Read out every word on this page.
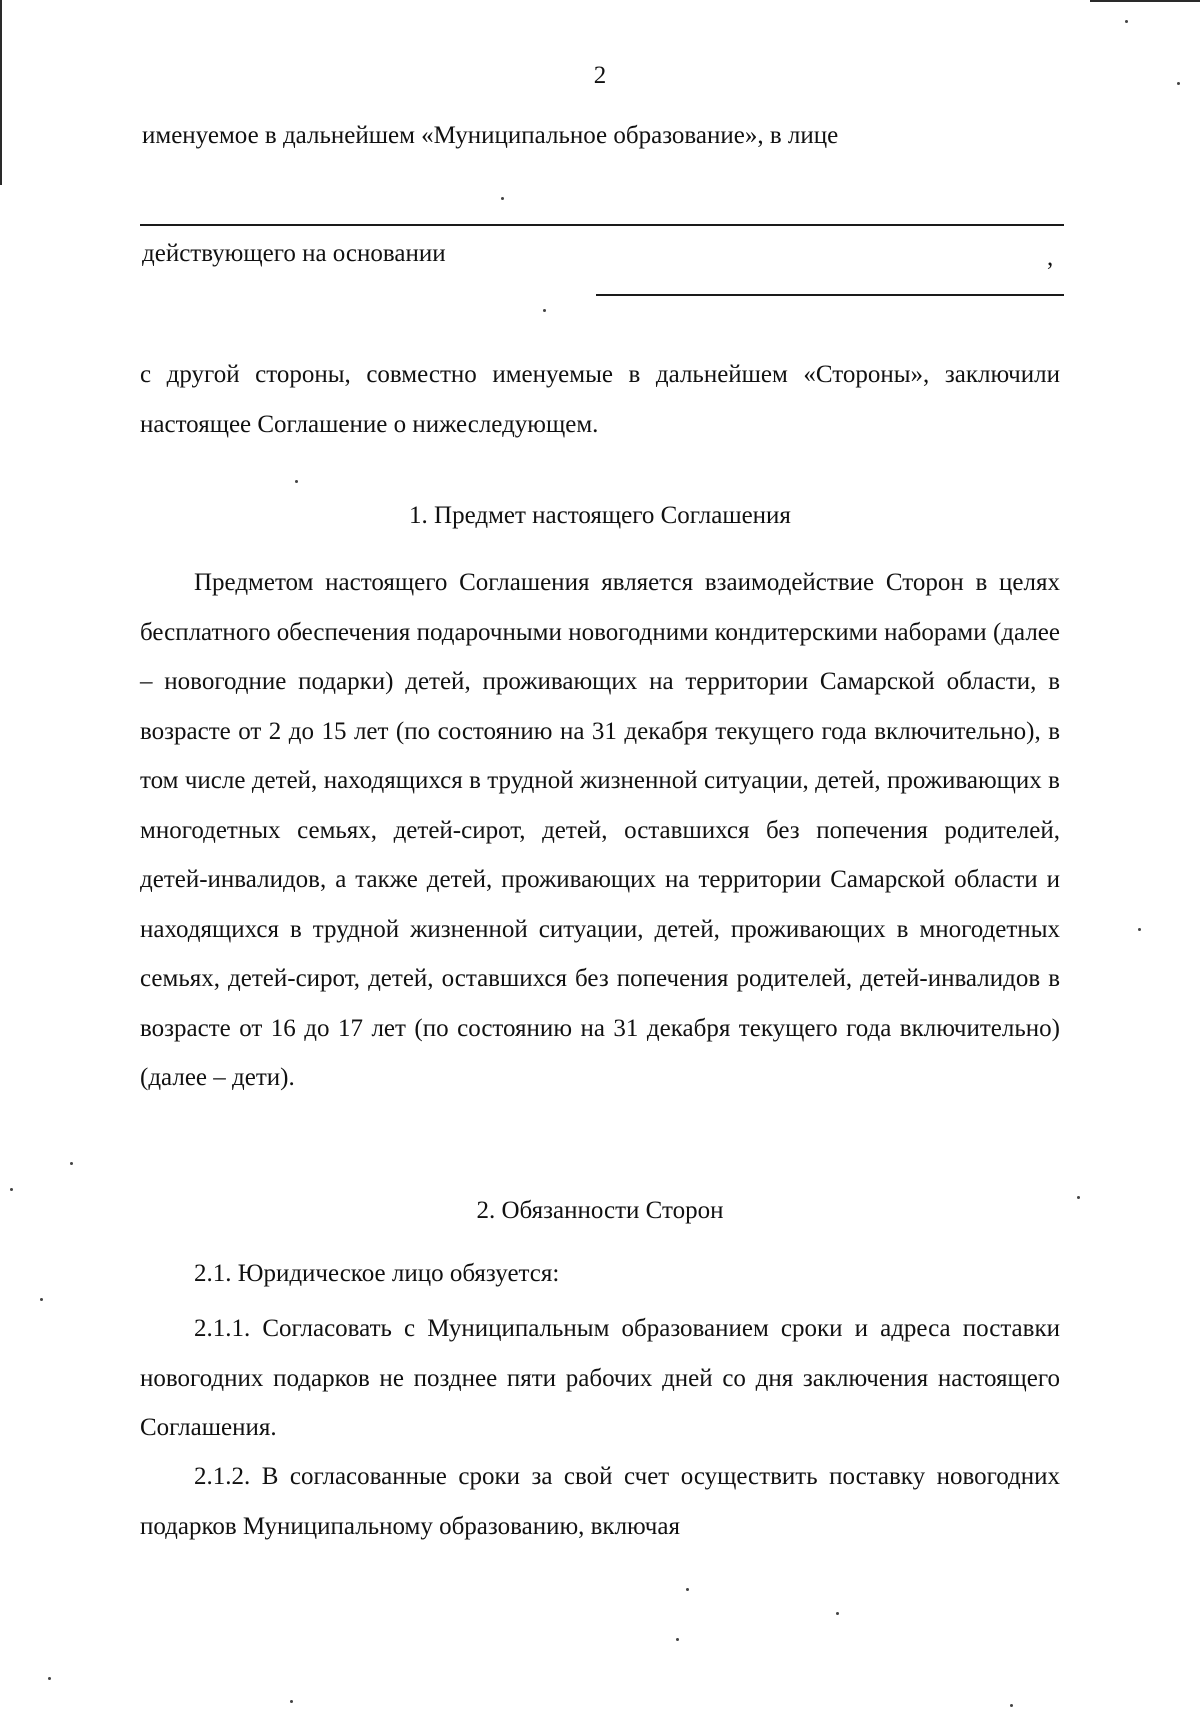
2
именуемое в дальнейшем «Муниципальное образование», в лице
действующего на основании	,
с другой стороны, совместно именуемые в дальнейшем «Стороны», заключили настоящее Соглашение о нижеследующем.
1. Предмет настоящего Соглашения
Предметом настоящего Соглашения является взаимодействие Сторон в целях бесплатного обеспечения подарочными новогодними кондитерскими наборами (далее – новогодние подарки) детей, проживающих на территории Самарской области, в возрасте от 2 до 15 лет (по состоянию на 31 декабря текущего года включительно), в том числе детей, находящихся в трудной жизненной ситуации, детей, проживающих в многодетных семьях, детей-сирот, детей, оставшихся без попечения родителей, детей-инвалидов, а также детей, проживающих на территории Самарской области и находящихся в трудной жизненной ситуации, детей, проживающих в многодетных семьях, детей-сирот, детей, оставшихся без попечения родителей, детей-инвалидов в возрасте от 16 до 17 лет (по состоянию на 31 декабря текущего года включительно) (далее – дети).
2. Обязанности Сторон
2.1. Юридическое лицо обязуется:
2.1.1. Согласовать с Муниципальным образованием сроки и адреса поставки новогодних подарков не позднее пяти рабочих дней со дня заключения настоящего Соглашения.
2.1.2. В согласованные сроки за свой счет осуществить поставку новогодних подарков Муниципальному образованию, включая
